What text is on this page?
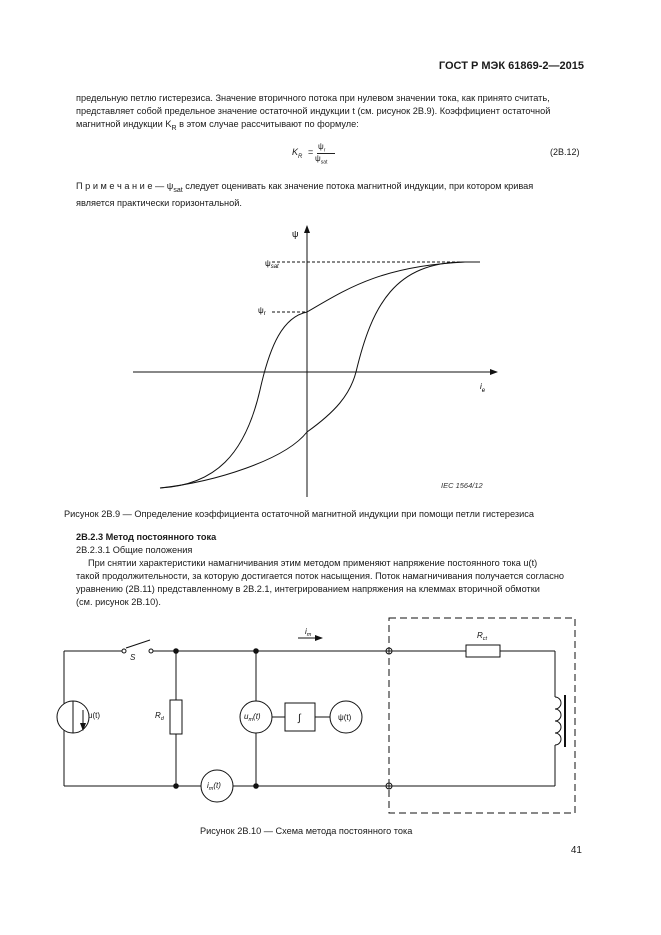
ГОСТ Р МЭК 61869-2—2015
предельную петлю гистерезиса. Значение вторичного потока при нулевом значении тока, как принято считать,
представляет собой предельное значение остаточной индукции t (см. рисунок 2В.9). Коэффициент остаточной
магнитной индукции $K_R$ в этом случае рассчитывают по формуле:
$K_R$ =
$\psi_r$
$\psi_{sat}$
(2В.12)
П р и м е ч а н и е — $\psi_{sat}$ следует оценивать как значение потока магнитной индукции, при котором кривая
является практически горизонтальной.
ψ
$\psi_{sat}$
$\psi_r$
$i_e$
IEC 1564/12
S
$i_m$
u(t)	$R_d$	$u_m(t)$	∫	ψ(t)
$i_m(t)$
$R_{ct}$
Рисунок 2В.9 — Определение коэффициента остаточной магнитной индукции при помощи петли гистерезиса
2В.2.3 Метод постоянного тока
2В.2.3.1 Общие положения
При снятии характеристики намагничивания этим методом применяют напряжение постоянного тока u(t)
такой продолжительности, за которую достигается поток насыщения. Поток намагничивания получается согласно
уравнению (2В.11) представленному в 2В.2.1, интегрированием напряжения на клеммах вторичной обмотки
(см. рисунок 2В.10).
Рисунок 2В.10 — Схема метода постоянного тока
41
